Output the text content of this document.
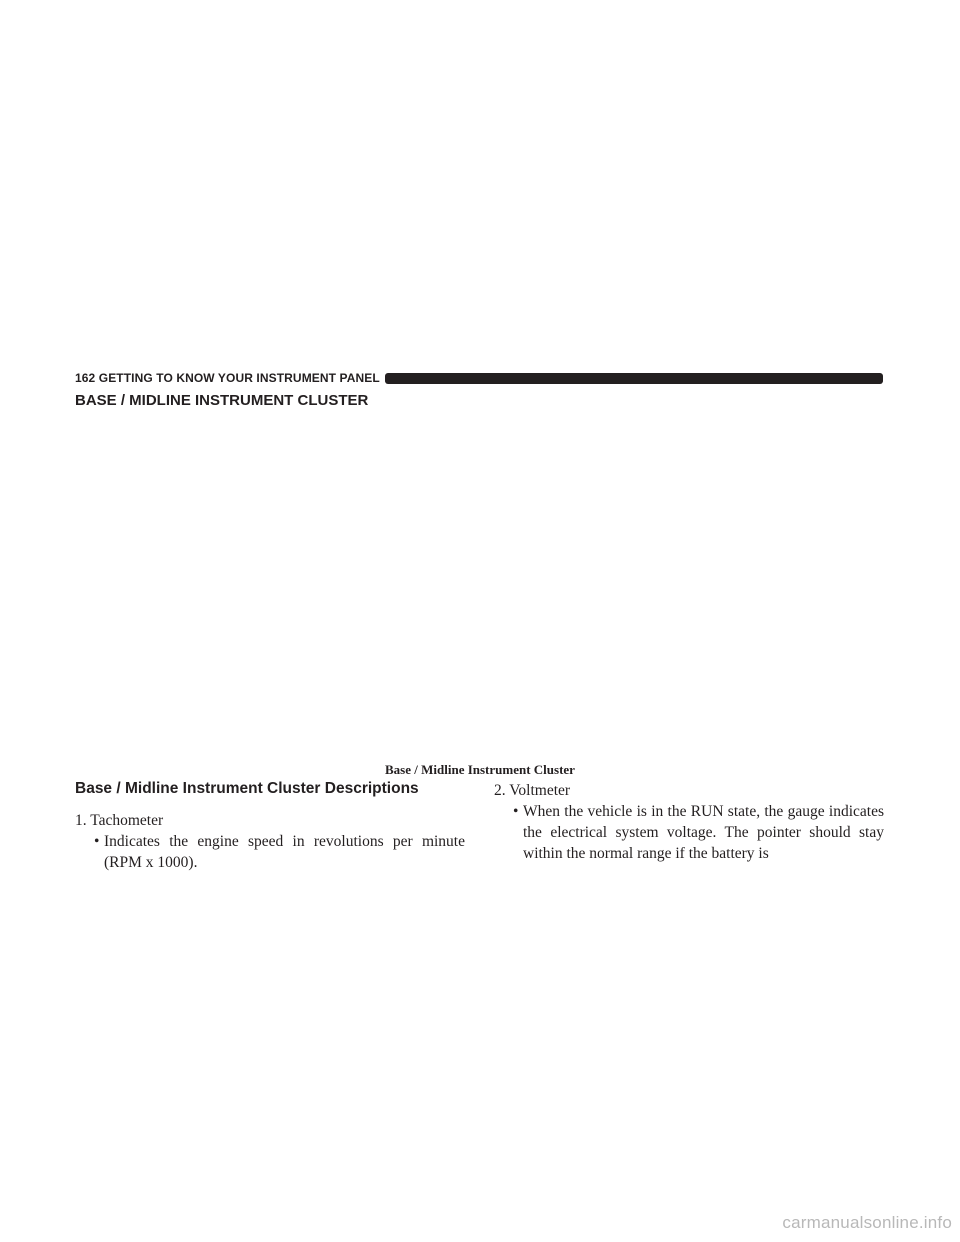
162 GETTING TO KNOW YOUR INSTRUMENT PANEL
BASE / MIDLINE INSTRUMENT CLUSTER
Base / Midline Instrument Cluster
Base / Midline Instrument Cluster Descriptions

1. Tachometer

• Indicates the engine speed in revolutions per minute (RPM x 1000).

2. Voltmeter

• When the vehicle is in the RUN state, the gauge indicates the electrical system voltage. The pointer should stay within the normal range if the battery is
carmanualsonline.info
